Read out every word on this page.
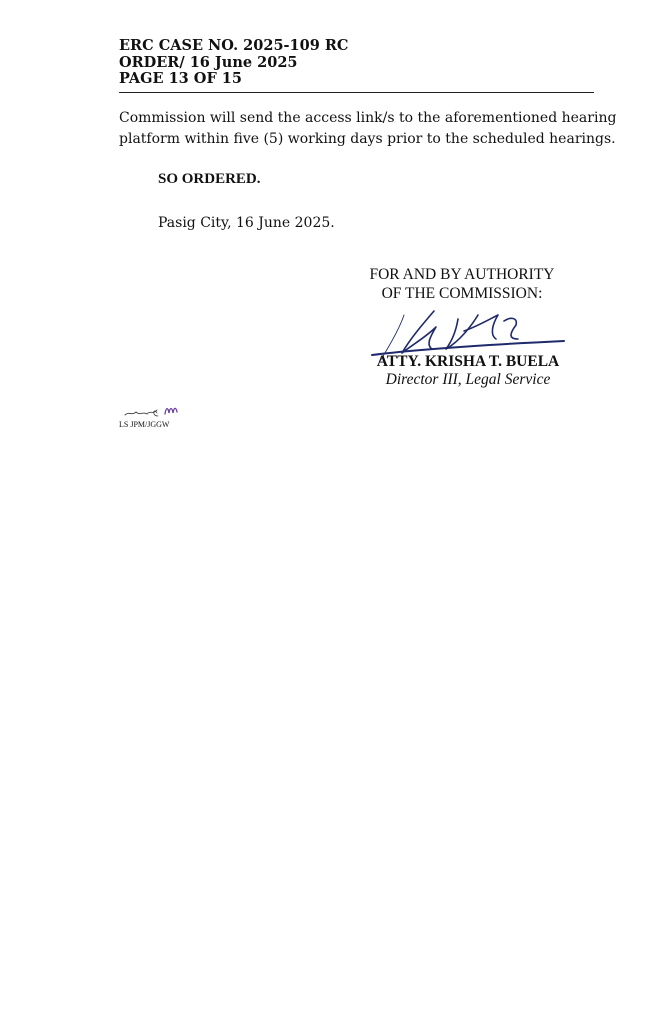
ERC CASE NO. 2025-109 RC
ORDER/ 16 June 2025
PAGE 13 OF 15
Commission will send the access link/s to the aforementioned hearing
platform within five (5) working days prior to the scheduled hearings.
SO ORDERED.
Pasig City, 16 June 2025.
FOR AND BY AUTHORITY
OF THE COMMISSION:
ATTY. KRISHA T. BUELA
Director III, Legal Service
LS JPM/JGGW
